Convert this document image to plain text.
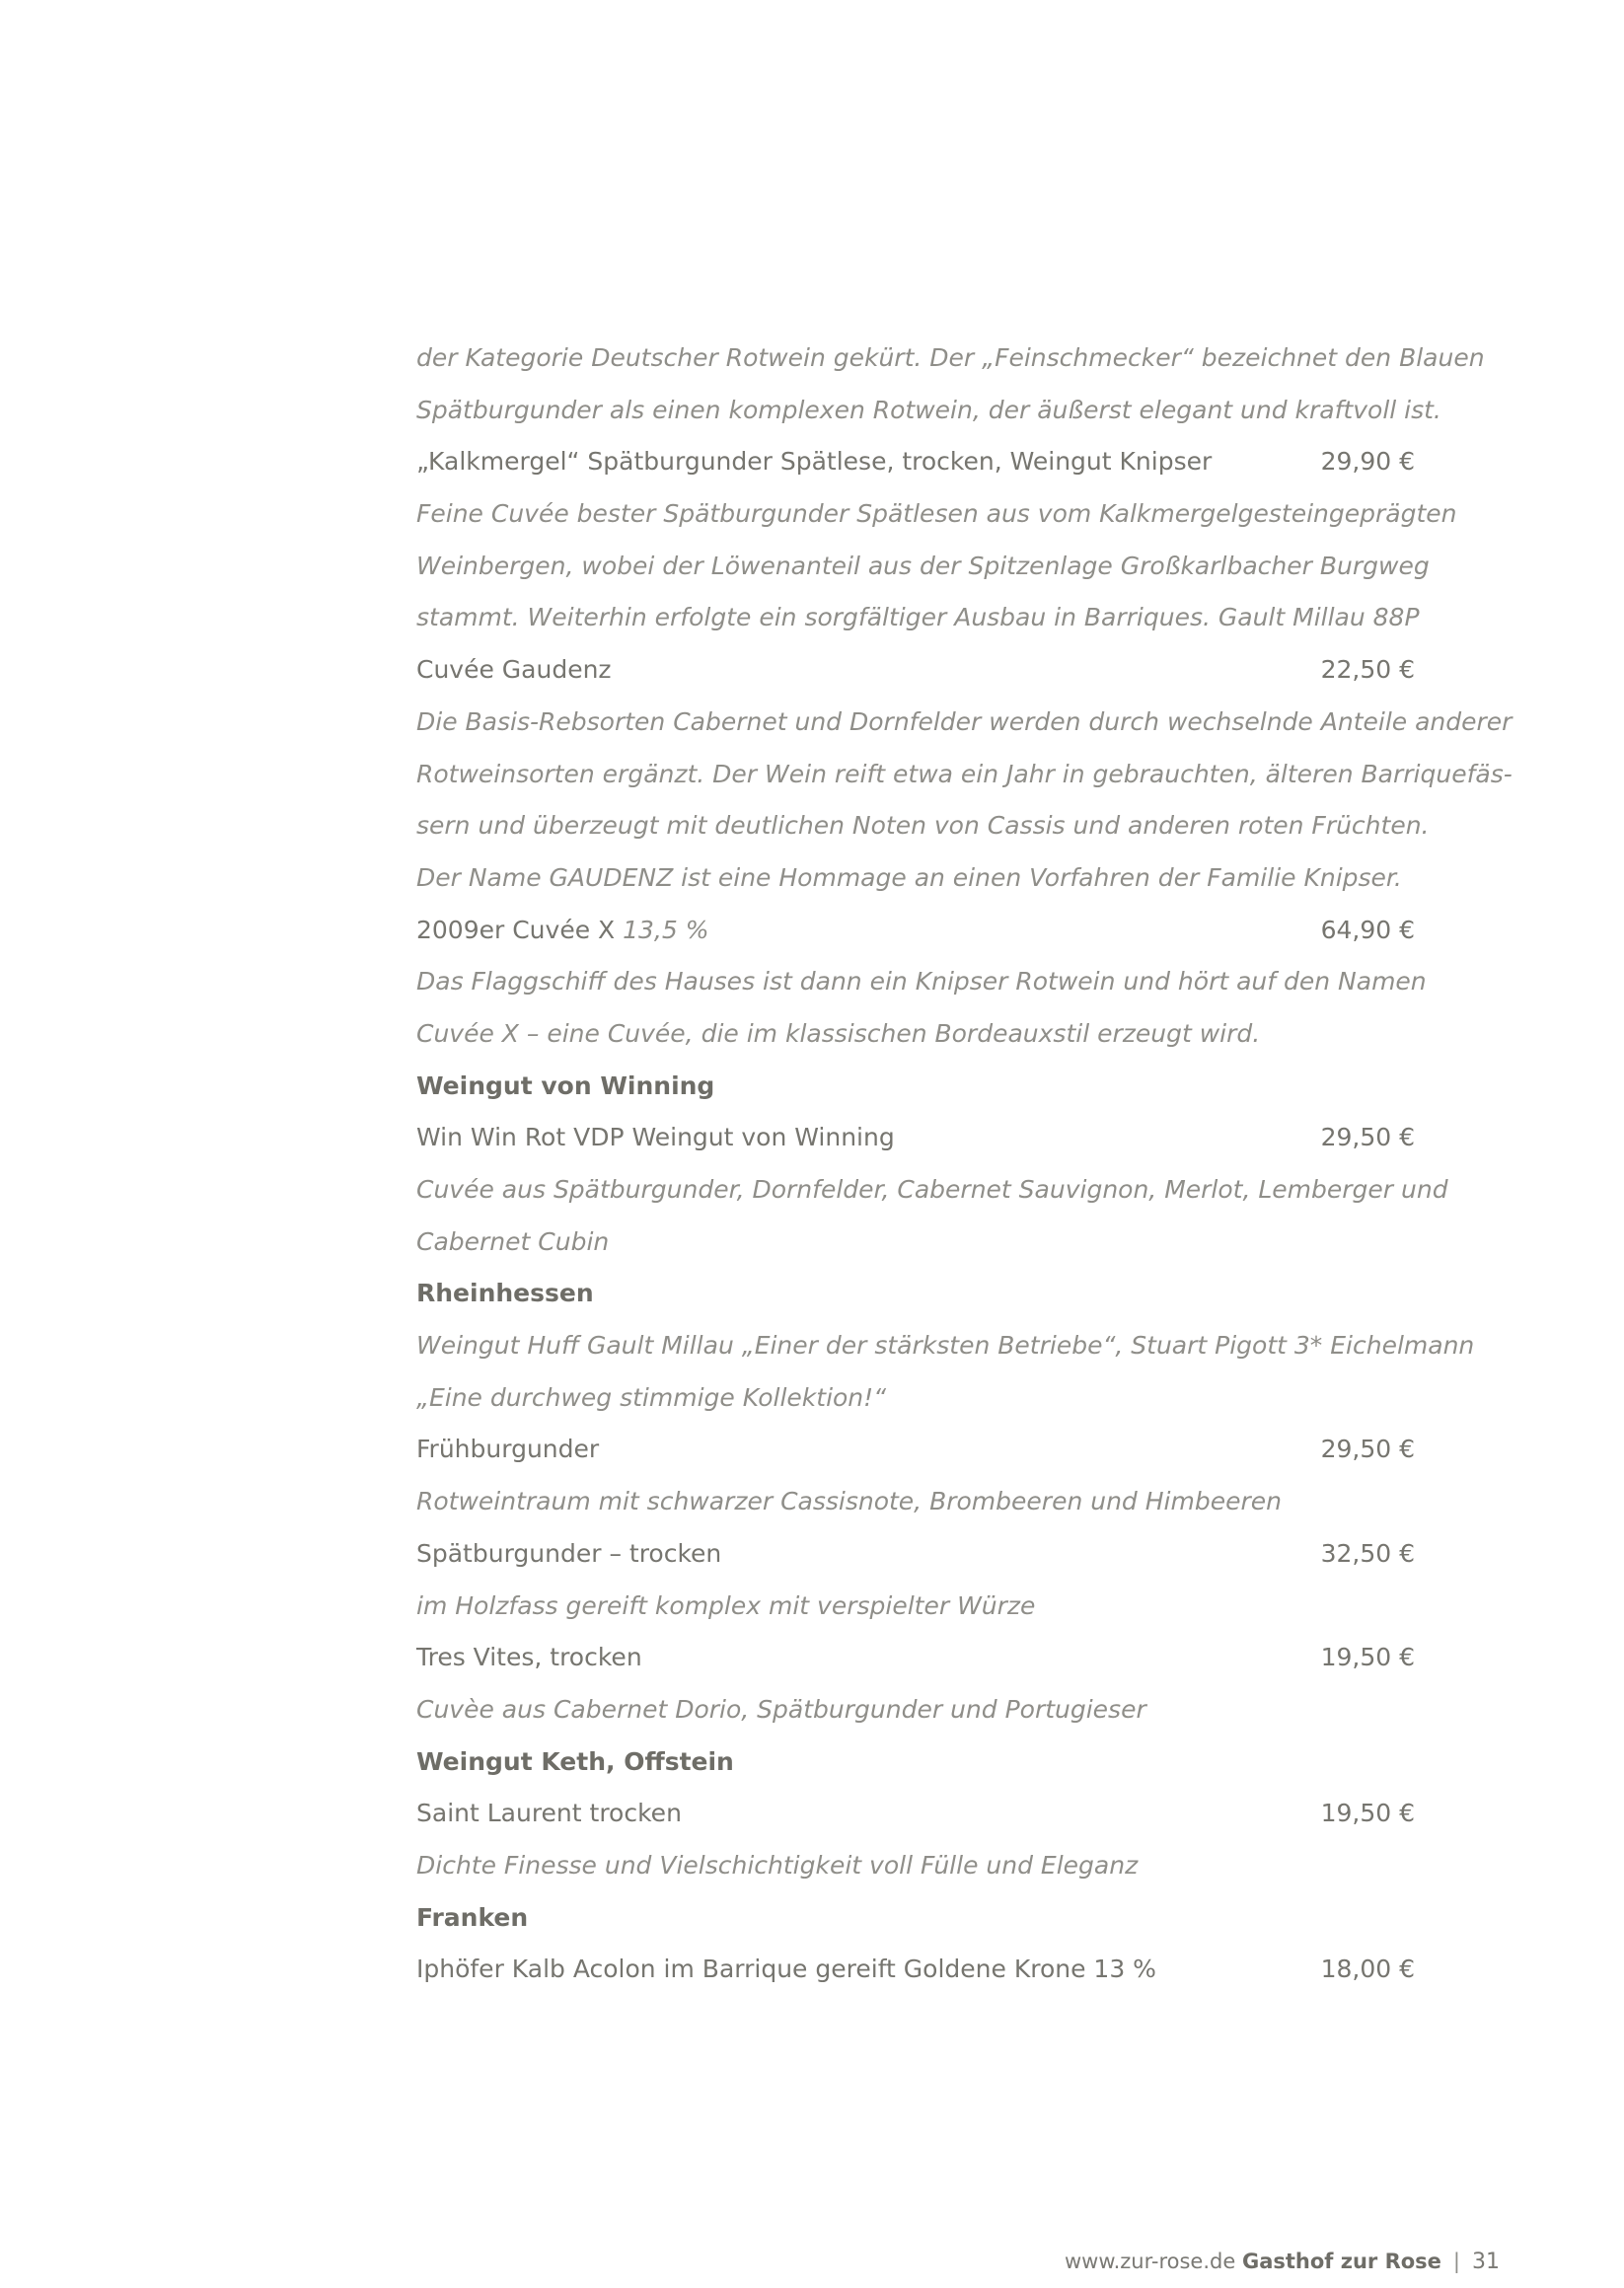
der Kategorie Deutscher Rotwein gekürt. Der „Feinschmecker“ bezeichnet den Blauen
Spätburgunder als einen komplexen Rotwein, der äußerst elegant und kraftvoll ist.
„Kalkmergel“ Spätburgunder Spätlese, trocken, Weingut Knipser	29,90 €
Feine Cuvée bester Spätburgunder Spätlesen aus vom Kalkmergelgesteingeprägten
Weinbergen, wobei der Löwenanteil aus der Spitzenlage Großkarlbacher Burgweg
stammt. Weiterhin erfolgte ein sorgfältiger Ausbau in Barriques. Gault Millau 88P
Cuvée Gaudenz	22,50 €
Die Basis-Rebsorten Cabernet und Dornfelder werden durch wechselnde Anteile anderer
Rotweinsorten ergänzt. Der Wein reift etwa ein Jahr in gebrauchten, älteren Barriquefäs-
sern und überzeugt mit deutlichen Noten von Cassis und anderen roten Früchten.
Der Name GAUDENZ ist eine Hommage an einen Vorfahren der Familie Knipser.
2009er Cuvée X 13,5 %	64,90 €
Das Flaggschiff des Hauses ist dann ein Knipser Rotwein und hört auf den Namen
Cuvée X – eine Cuvée, die im klassischen Bordeauxstil erzeugt wird.
Weingut von Winning
Win Win Rot VDP Weingut von Winning	29,50 €
Cuvée aus Spätburgunder, Dornfelder, Cabernet Sauvignon, Merlot, Lemberger und
Cabernet Cubin
Rheinhessen
Weingut Huff Gault Millau „Einer der stärksten Betriebe“, Stuart Pigott 3* Eichelmann
„Eine durchweg stimmige Kollektion!“
Frühburgunder	29,50 €
Rotweintraum mit schwarzer Cassisnote, Brombeeren und Himbeeren
Spätburgunder – trocken	32,50 €
im Holzfass gereift komplex mit verspielter Würze
Tres Vites, trocken	19,50 €
Cuvèe aus Cabernet Dorio, Spätburgunder und Portugieser
Weingut Keth, Offstein
Saint Laurent trocken	19,50 €
Dichte Finesse und Vielschichtigkeit voll Fülle und Eleganz
Franken
Iphöfer Kalb Acolon im Barrique gereift Goldene Krone 13 %	18,00 €
www.zur-rose.de Gasthof zur Rose | 31
